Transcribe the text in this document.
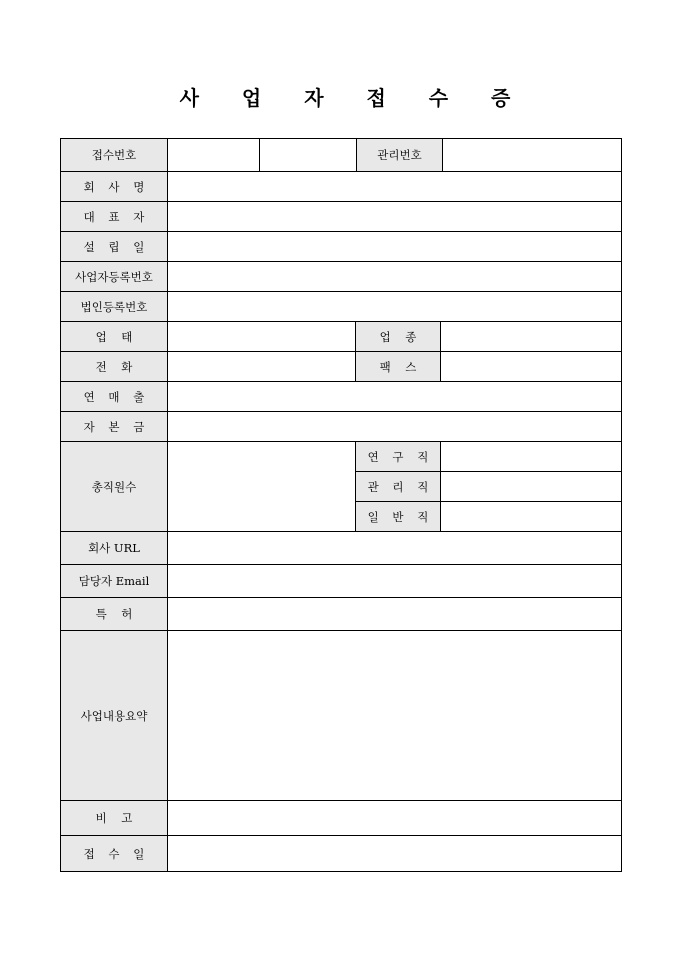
사 업 자 접 수 증
접수번호	관리번호
회 사 명
대 표 자
설 립 일
사업자등록번호
법인등록번호
업    태	업    종
전    화	팩    스
연 매 출
자 본 금
총직원수
연 구 직
관 리 직
일 반 직
회사 URL
담당자 Email
특    허
사업내용요약
비    고
접 수 일
